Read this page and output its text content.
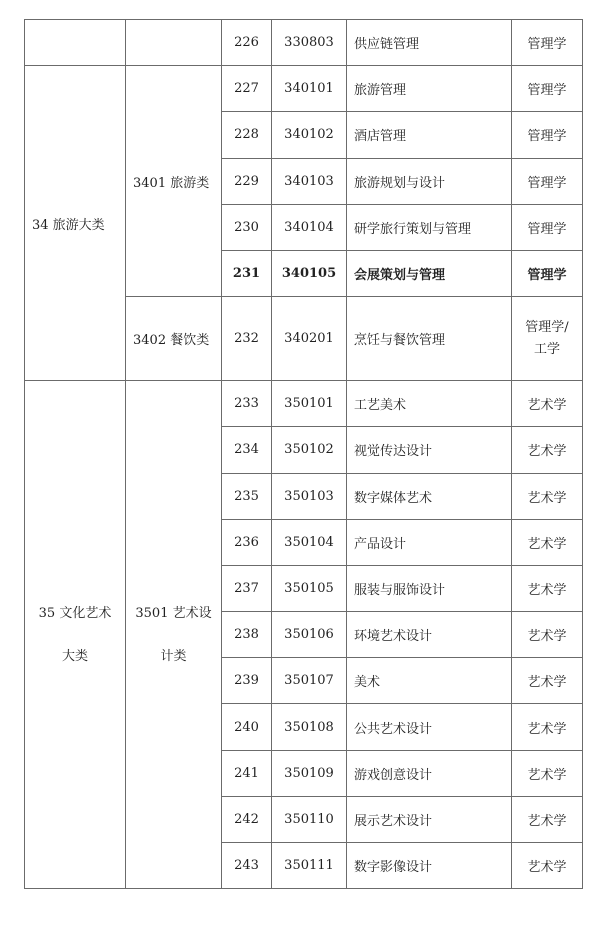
		226	330803	供应链管理	管理学
34 旅游大类	3401 旅游类	227	340101	旅游管理	管理学
		228	340102	酒店管理	管理学
		229	340103	旅游规划与设计	管理学
		230	340104	研学旅行策划与管理	管理学
		231	340105	会展策划与管理	管理学
	3402 餐饮类	232	340201	烹饪与餐饮管理	管理学/工学
35 文化艺术大类	3501 艺术设计类	233	350101	工艺美术	艺术学
		234	350102	视觉传达设计	艺术学
		235	350103	数字媒体艺术	艺术学
		236	350104	产品设计	艺术学
		237	350105	服装与服饰设计	艺术学
		238	350106	环境艺术设计	艺术学
		239	350107	美术	艺术学
		240	350108	公共艺术设计	艺术学
		241	350109	游戏创意设计	艺术学
		242	350110	展示艺术设计	艺术学
		243	350111	数字影像设计	艺术学
